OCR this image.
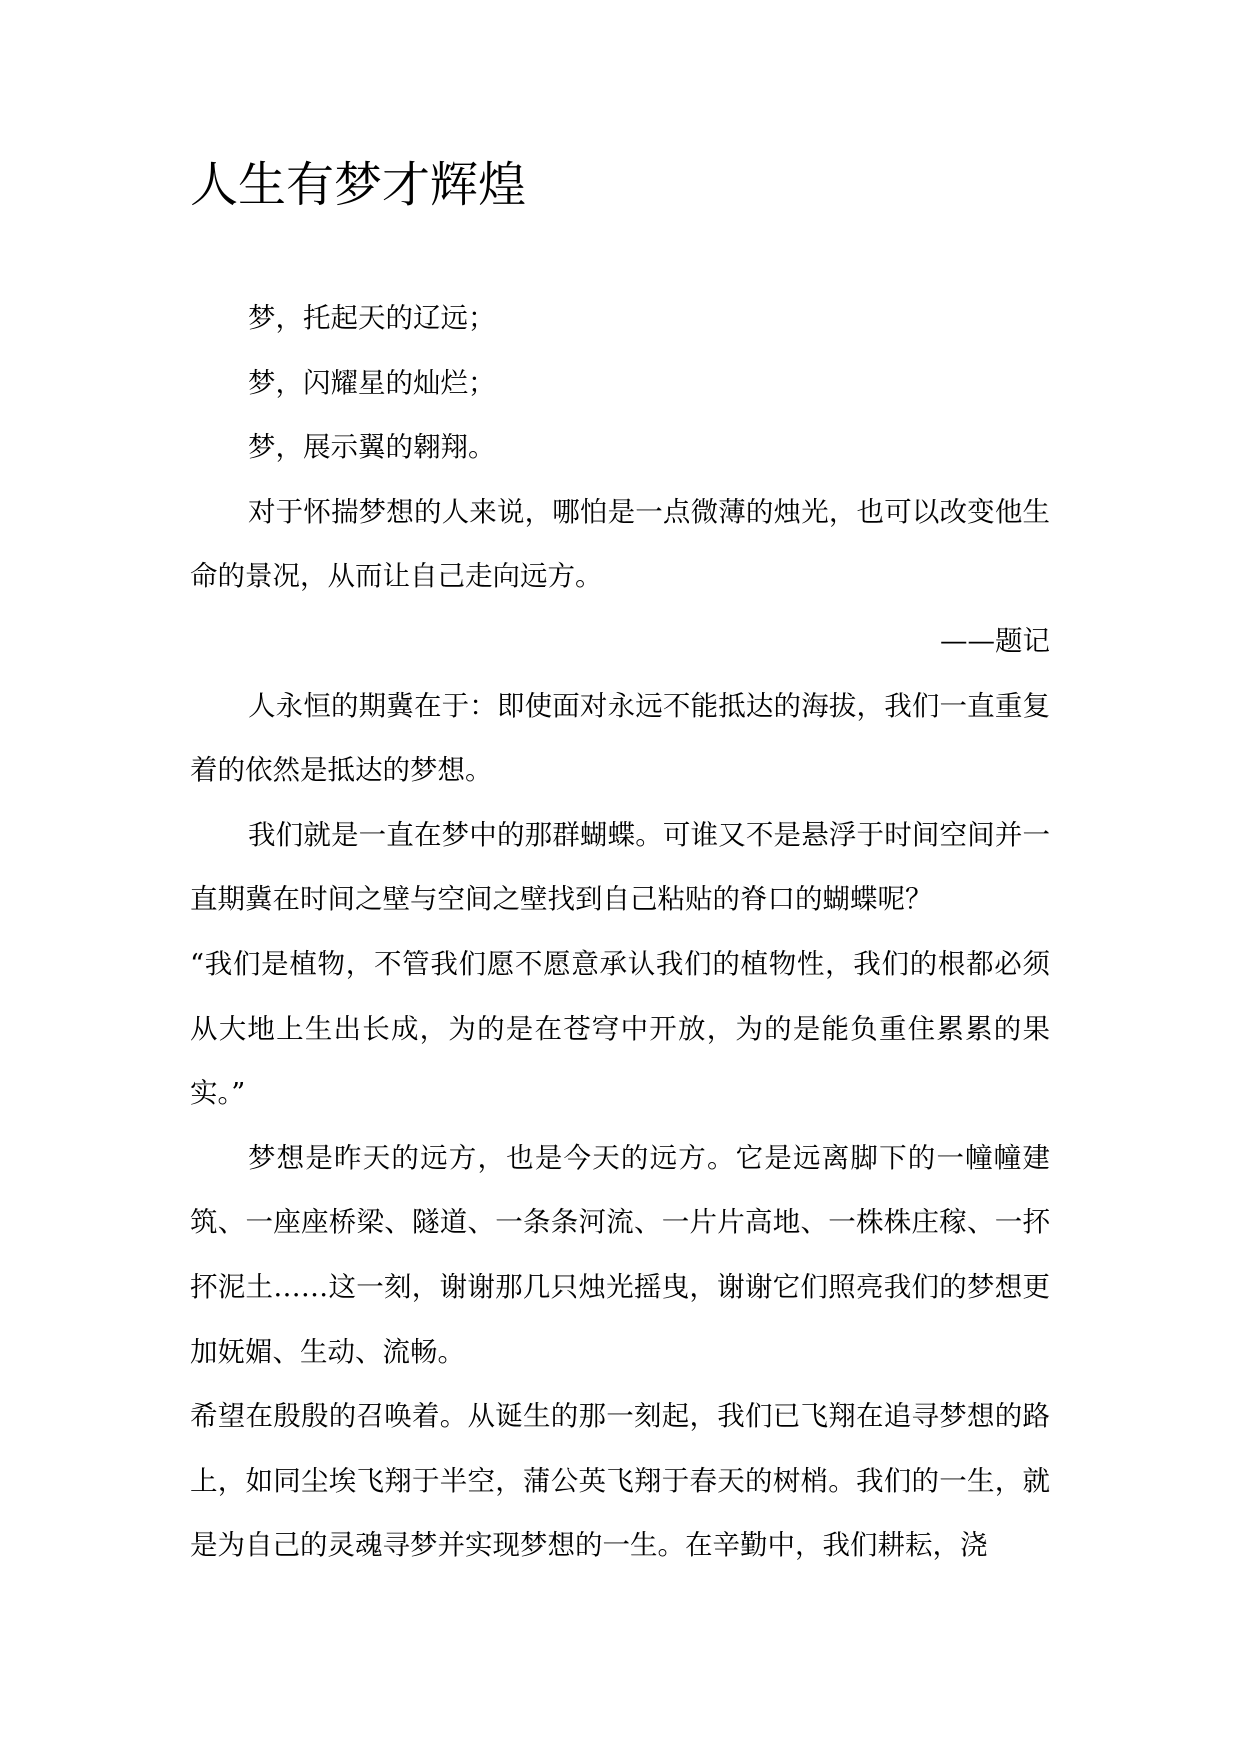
人生有梦才辉煌

梦，托起天的辽远；

梦，闪耀星的灿烂；

梦，展示翼的翱翔。

对于怀揣梦想的人来说，哪怕是一点微薄的烛光，也可以改变他生命的景况，从而让自己走向远方。

——题记

人永恒的期冀在于：即使面对永远不能抵达的海拔，我们一直重复着的依然是抵达的梦想。

我们就是一直在梦中的那群蝴蝶。可谁又不是悬浮于时间空间并一直期冀在时间之壁与空间之壁找到自己粘贴的脊口的蝴蝶呢？

“我们是植物，不管我们愿不愿意承认我们的植物性，我们的根都必须从大地上生出长成，为的是在苍穹中开放，为的是能负重住累累的果实。”

梦想是昨天的远方，也是今天的远方。它是远离脚下的一幢幢建筑、一座座桥梁、隧道、一条条河流、一片片高地、一株株庄稼、一抔抔泥土……这一刻，谢谢那几只烛光摇曳，谢谢它们照亮我们的梦想更加妩媚、生动、流畅。

希望在殷殷的召唤着。从诞生的那一刻起，我们已飞翔在追寻梦想的路上，如同尘埃飞翔于半空，蒲公英飞翔于春天的树梢。我们的一生，就是为自己的灵魂寻梦并实现梦想的一生。在辛勤中，我们耕耘，浇
